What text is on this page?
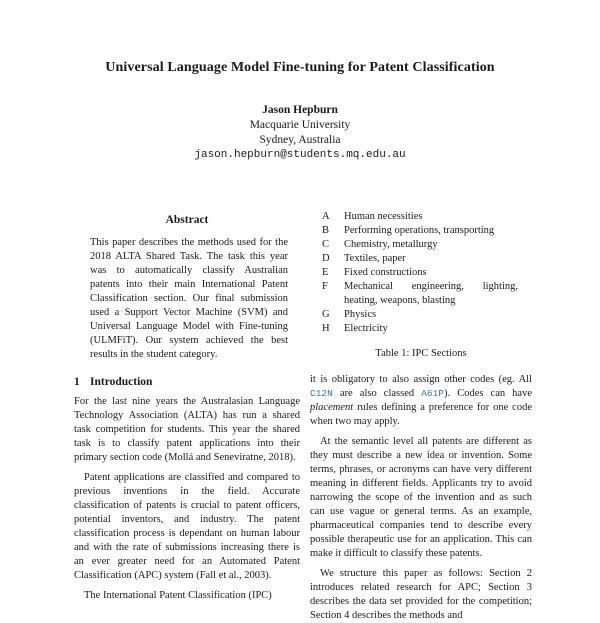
Universal Language Model Fine-tuning for Patent Classification
Jason Hepburn
Macquarie University
Sydney, Australia
jason.hepburn@students.mq.edu.au
Abstract
This paper describes the methods used for the 2018 ALTA Shared Task. The task this year was to automatically classify Australian patents into their main International Patent Classification section. Our final submission used a Support Vector Machine (SVM) and Universal Language Model with Fine-tuning (ULMFiT). Our system achieved the best results in the student category.
1 Introduction

For the last nine years the Australasian Language Technology Association (ALTA) has run a shared task competition for students. This year the shared task is to classify patent applications into their primary section code (Mollá and Seneviratne, 2018).

Patent applications are classified and compared to previous inventions in the field. Accurate classification of patents is crucial to patent officers, potential inventors, and industry. The patent classification process is dependant on human labour and with the rate of submissions increasing there is an ever greater need for an Automated Patent Classification (APC) system (Fall et al., 2003).

The International Patent Classification (IPC)

A	Human necessities
B	Performing operations, transporting
C	Chemistry, metallurgy
D	Textiles, paper
E	Fixed constructions
F	Mechanical engineering, lighting, heating, weapons, blasting
G	Physics
H	Electricity
Table 1: IPC Sections

it is obligatory to also assign other codes (eg. All C12N are also classed A61P). Codes can have placement rules defining a preference for one code when two may apply.

At the semantic level all patents are different as they must describe a new idea or invention. Some terms, phrases, or acronyms can have very different meaning in different fields. Applicants try to avoid narrowing the scope of the invention and as such can use vague or general terms. As an example, pharmaceutical companies tend to describe every possible therapeutic use for an application. This can make it difficult to classify these patents.

We structure this paper as follows: Section 2 introduces related research for APC; Section 3 describes the data set provided for the competition; Section 4 describes the methods and
